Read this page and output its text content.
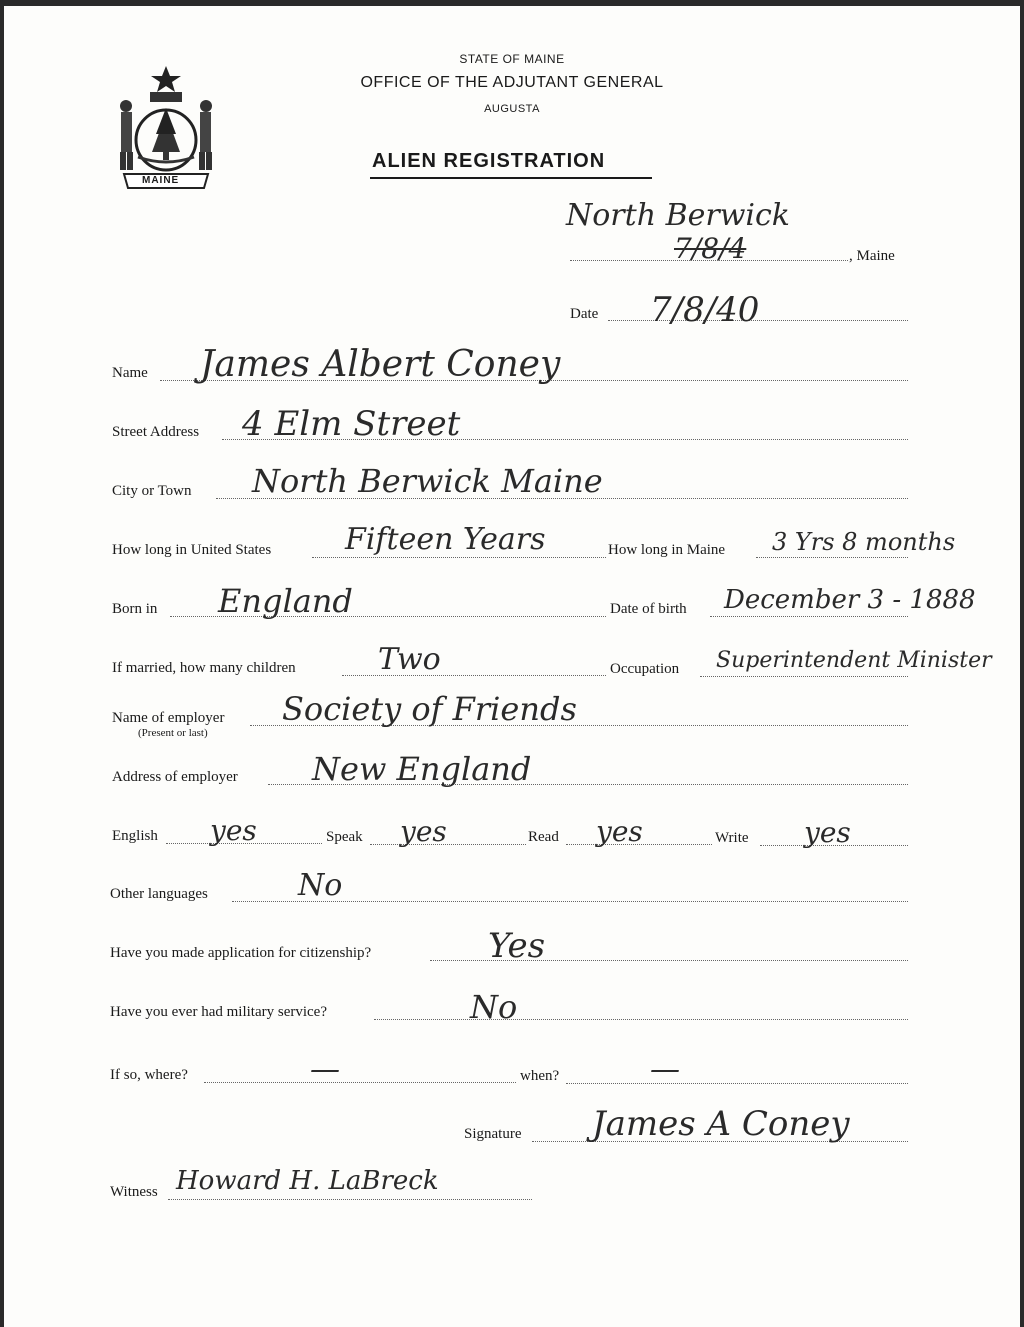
MAINE
STATE OF MAINE
OFFICE OF THE ADJUTANT GENERAL
AUGUSTA
ALIEN REGISTRATION
North Berwick
7/8/4	, Maine
Date 7/8/40
Name James Albert Coney
Street Address 4 Elm Street
City or Town North Berwick Maine
How long in United States Fifteen Years	How long in Maine 3 Yrs 8 months
Born in England	Date of birth December 3 - 1888
If married, how many children	Two	Occupation Superintendent Minister
Name of employer
(Present or last)
Society of Friends
Address of employer New England
English yes	Speak yes	Read yes	Write yes
Other languages	No
Have you made application for citizenship?	Yes
Have you ever had military service?	No
If so, where?	—	when?	—
Signature James A Coney
Witness Howard H. LaBreck
